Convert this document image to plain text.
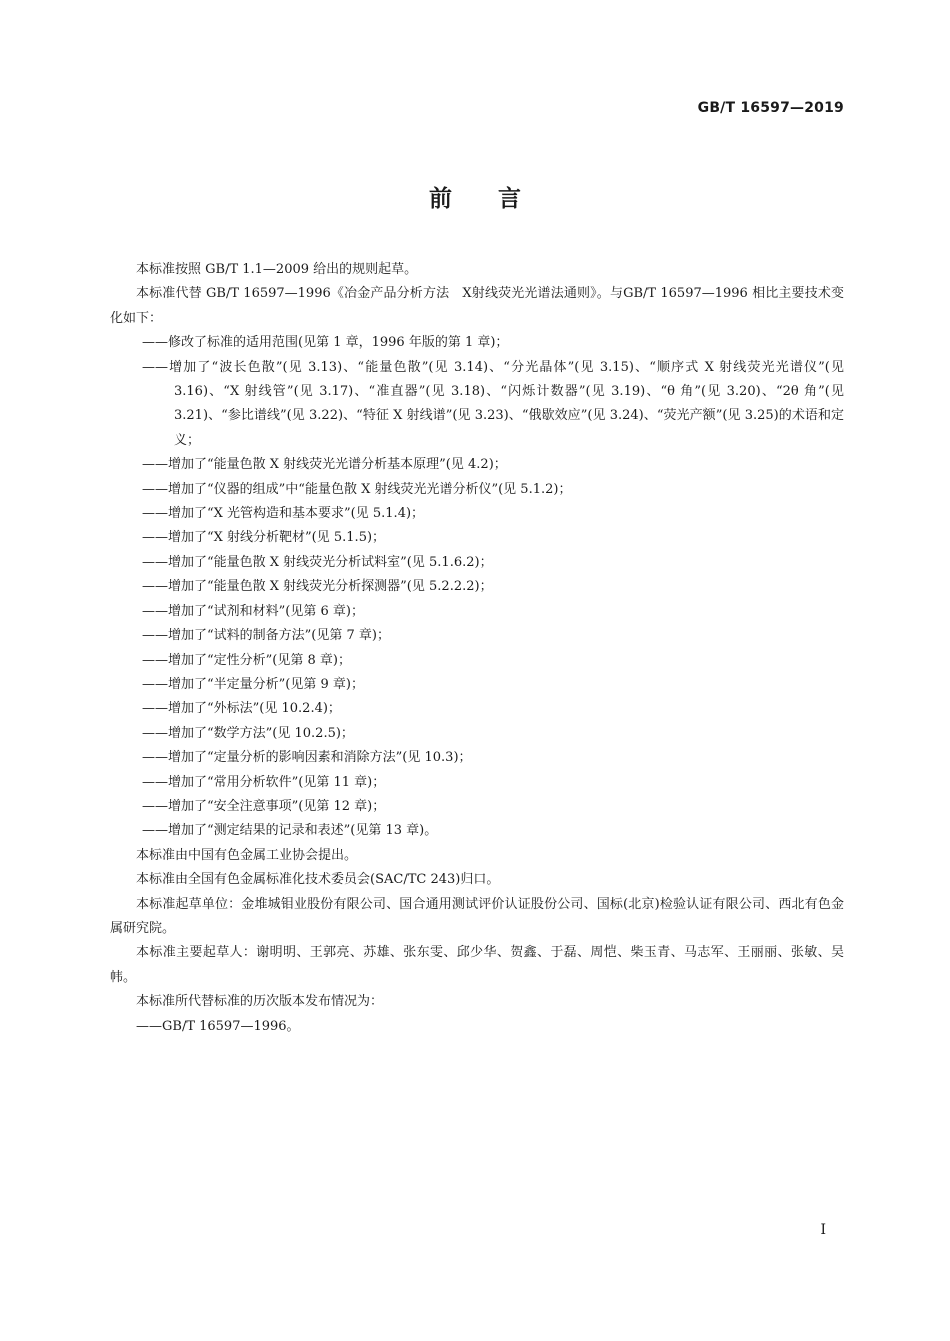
GB/T 16597—2019
前言

本标准按照 GB/T 1.1—2009 给出的规则起草。

本标准代替 GB/T 16597—1996《冶金产品分析方法　X射线荧光光谱法通则》。与GB/T 16597—1996 相比主要技术变化如下：

——修改了标准的适用范围(见第 1 章，1996 年版的第 1 章)；

——增加了“波长色散”(见 3.13)、“能量色散”(见 3.14)、“分光晶体”(见 3.15)、“顺序式 X 射线荧光光谱仪”(见 3.16)、“X 射线管”(见 3.17)、“准直器”(见 3.18)、“闪烁计数器”(见 3.19)、“θ 角”(见 3.20)、“2θ 角”(见 3.21)、“参比谱线”(见 3.22)、“特征 X 射线谱”(见 3.23)、“俄歇效应”(见 3.24)、“荧光产额”(见 3.25)的术语和定义；

——增加了“能量色散 X 射线荧光光谱分析基本原理”(见 4.2)；

——增加了“仪器的组成”中“能量色散 X 射线荧光光谱分析仪”(见 5.1.2)；

——增加了“X 光管构造和基本要求”(见 5.1.4)；

——增加了“X 射线分析靶材”(见 5.1.5)；

——增加了“能量色散 X 射线荧光分析试料室”(见 5.1.6.2)；

——增加了“能量色散 X 射线荧光分析探测器”(见 5.2.2.2)；

——增加了“试剂和材料”(见第 6 章)；

——增加了“试料的制备方法”(见第 7 章)；

——增加了“定性分析”(见第 8 章)；

——增加了“半定量分析”(见第 9 章)；

——增加了“外标法”(见 10.2.4)；

——增加了“数学方法”(见 10.2.5)；

——增加了“定量分析的影响因素和消除方法”(见 10.3)；

——增加了“常用分析软件”(见第 11 章)；

——增加了“安全注意事项”(见第 12 章)；

——增加了“测定结果的记录和表述”(见第 13 章)。

本标准由中国有色金属工业协会提出。

本标准由全国有色金属标准化技术委员会(SAC/TC 243)归口。

本标准起草单位：金堆城钼业股份有限公司、国合通用测试评价认证股份公司、国标(北京)检验认证有限公司、西北有色金属研究院。

本标准主要起草人：谢明明、王郭亮、苏雄、张东雯、邱少华、贺鑫、于磊、周恺、柴玉青、马志军、王丽丽、张敏、吴帏。

本标准所代替标准的历次版本发布情况为：

——GB/T 16597—1996。

I
